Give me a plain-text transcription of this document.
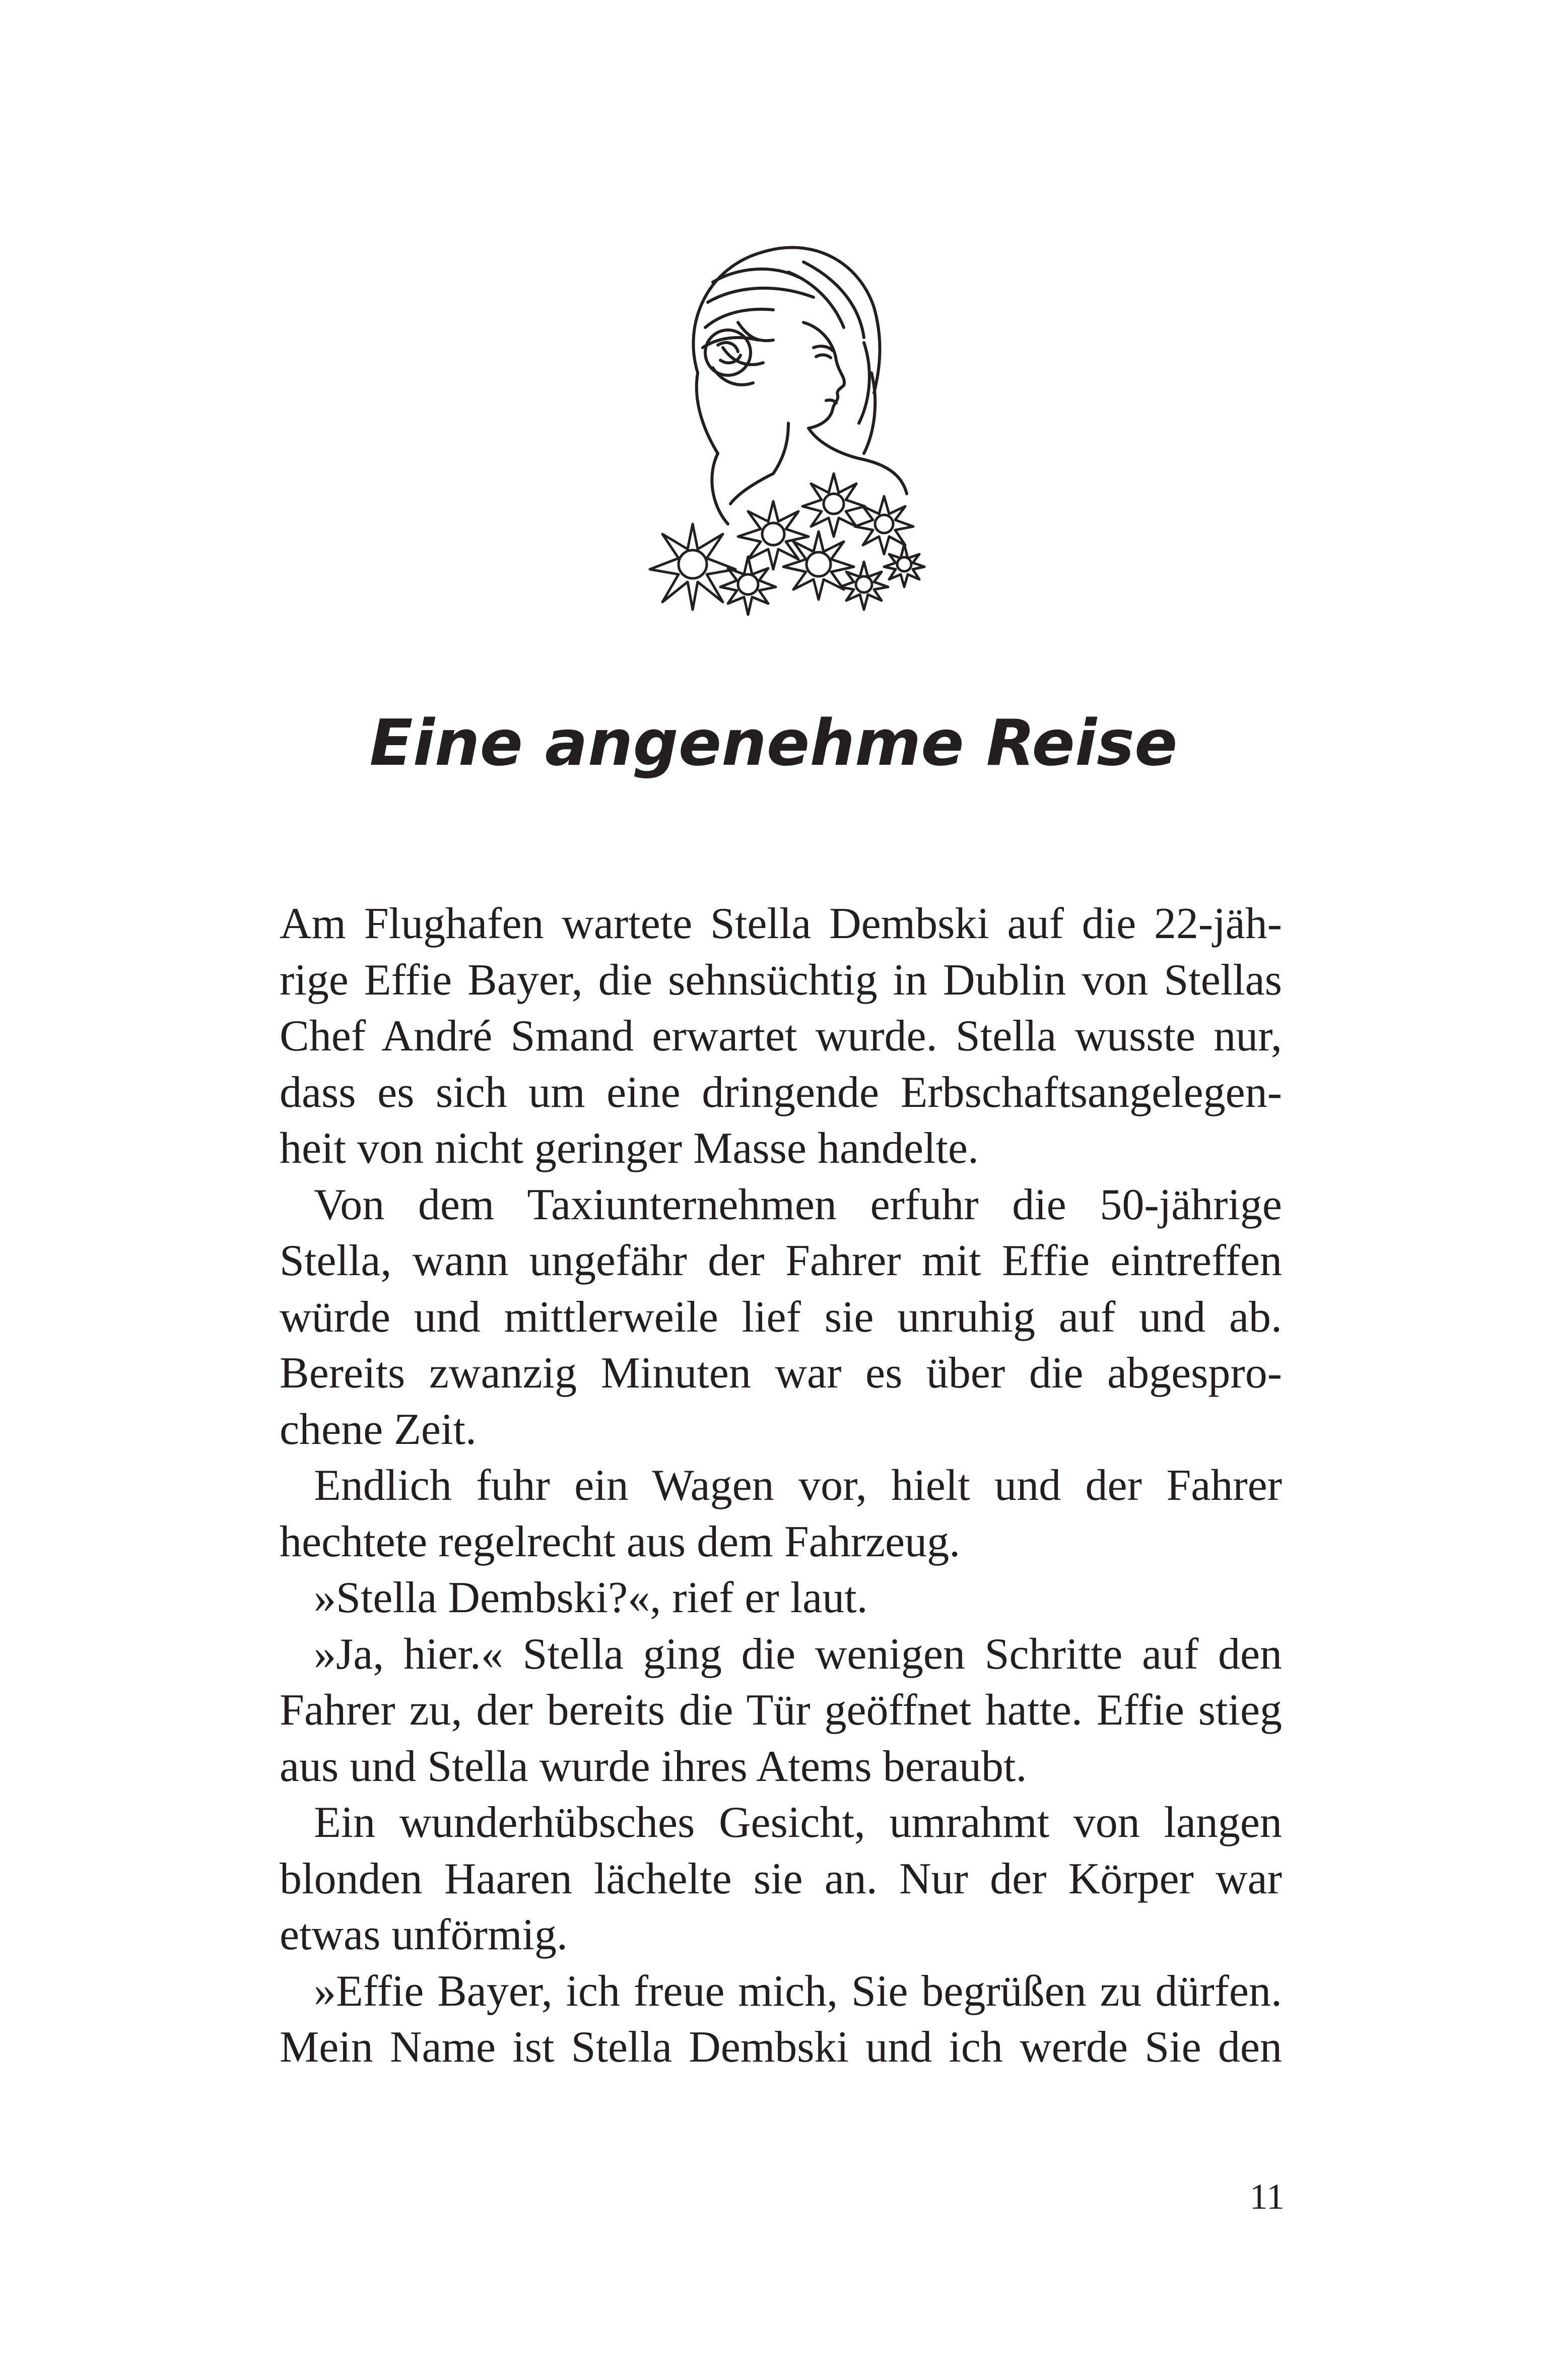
Eine angenehme Reise
Am Flughafen wartete Stella Dembski auf die 22-jäh-
rige Effie Bayer, die sehnsüchtig in Dublin von Stellas
Chef André Smand erwartet wurde. Stella wusste nur,
dass es sich um eine dringende Erbschaftsangelegen-
heit von nicht geringer Masse handelte.
Von dem Taxiunternehmen erfuhr die 50-jährige
Stella, wann ungefähr der Fahrer mit Effie eintreffen
würde und mittlerweile lief sie unruhig auf und ab.
Bereits zwanzig Minuten war es über die abgespro-
chene Zeit.
Endlich fuhr ein Wagen vor, hielt und der Fahrer
hechtete regelrecht aus dem Fahrzeug.
»Stella Dembski?«, rief er laut.
»Ja, hier.« Stella ging die wenigen Schritte auf den
Fahrer zu, der bereits die Tür geöffnet hatte. Effie stieg
aus und Stella wurde ihres Atems beraubt.
Ein wunderhübsches Gesicht, umrahmt von langen
blonden Haaren lächelte sie an. Nur der Körper war
etwas unförmig.
»Effie Bayer, ich freue mich, Sie begrüßen zu dürfen.
Mein Name ist Stella Dembski und ich werde Sie den
11
